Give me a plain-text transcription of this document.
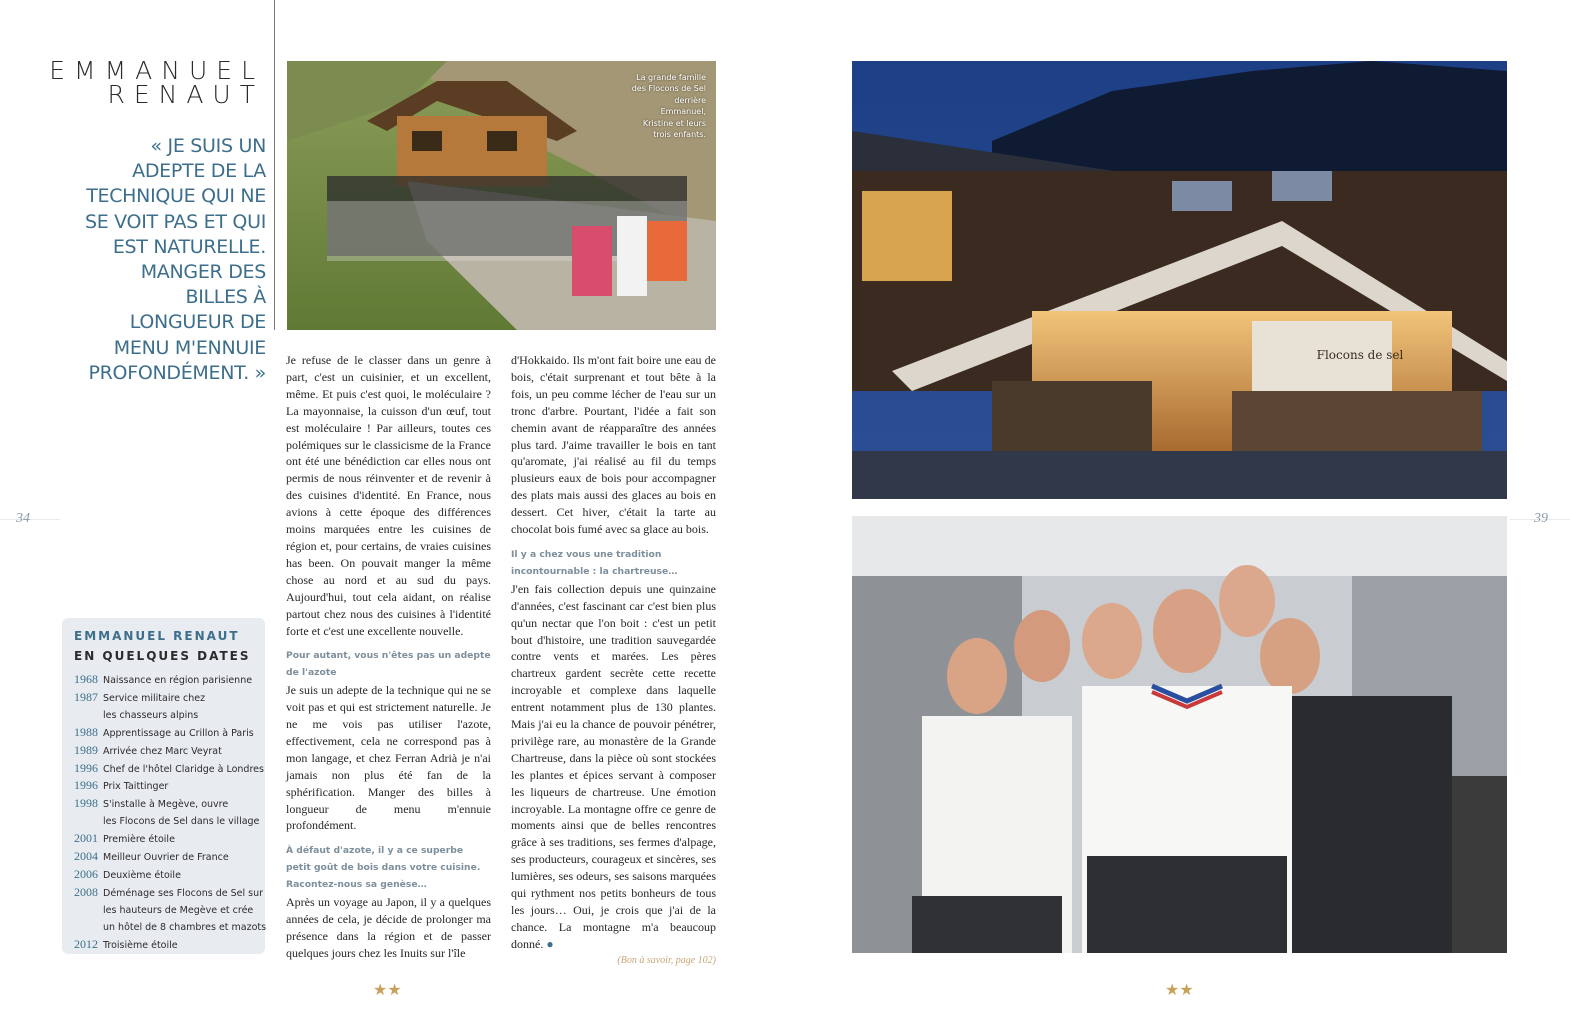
EMMANUEL
RENAUT
« JE SUIS UN ADEPTE DE LA TECHNIQUE QUI NE SE VOIT PAS ET QUI EST NATURELLE. MANGER DES BILLES À LONGUEUR DE MENU M'ENNUIE PROFONDÉMENT. »
La grande famille des Flocons de Sel derrière Emmanuel, Kristine et leurs trois enfants.

Je refuse de le classer dans un genre à part, c'est un cuisinier, et un excellent, même. Et puis c'est quoi, le moléculaire ? La mayonnaise, la cuisson d'un œuf, tout est moléculaire ! Par ailleurs, toutes ces polémiques sur le classicisme de la France ont été une bénédiction car elles nous ont permis de nous réinventer et de revenir à des cuisines d'identité. En France, nous avions à cette époque des différences moins marquées entre les cuisines de région et, pour certains, de vraies cuisines has been. On pouvait manger la même chose au nord et au sud du pays. Aujourd'hui, tout cela aidant, on réalise partout chez nous des cuisines à l'identité forte et c'est une excellente nouvelle.

Pour autant, vous n'êtes pas un adepte de l'azote

Je suis un adepte de la technique qui ne se voit pas et qui est strictement naturelle. Je ne me vois pas utiliser l'azote, effectivement, cela ne correspond pas à mon langage, et chez Ferran Adrià je n'ai jamais non plus été fan de la sphérification. Manger des billes à longueur de menu m'ennuie profondément.

À défaut d'azote, il y a ce superbe petit goût de bois dans votre cuisine. Racontez-nous sa genèse…

Après un voyage au Japon, il y a quelques années de cela, je décide de prolonger ma présence dans la région et de passer quelques jours chez les Inuits sur l'île

d'Hokkaido. Ils m'ont fait boire une eau de bois, c'était surprenant et tout bête à la fois, un peu comme lécher de l'eau sur un tronc d'arbre. Pourtant, l'idée a fait son chemin avant de réapparaître des années plus tard. J'aime travailler le bois en tant qu'aromate, j'ai réalisé au fil du temps plusieurs eaux de bois pour accompagner des plats mais aussi des glaces au bois en dessert. Cet hiver, c'était la tarte au chocolat bois fumé avec sa glace au bois.

Il y a chez vous une tradition incontournable : la chartreuse…

J'en fais collection depuis une quinzaine d'années, c'est fascinant car c'est bien plus qu'un nectar que l'on boit : c'est un petit bout d'histoire, une tradition sauvegardée contre vents et marées. Les pères chartreux gardent secrète cette recette incroyable et complexe dans laquelle entrent notamment plus de 130 plantes. Mais j'ai eu la chance de pouvoir pénétrer, privilège rare, au monastère de la Grande Chartreuse, dans la pièce où sont stockées les plantes et épices servant à composer les liqueurs de chartreuse. Une émotion incroyable. La montagne offre ce genre de moments ainsi que de belles rencontres grâce à ses traditions, ses fermes d'alpage, ses producteurs, courageux et sincères, ses lumières, ses odeurs, ses saisons marquées qui rythment nos petits bonheurs de tous les jours… Oui, je crois que j'ai de la chance. La montagne m'a beaucoup donné. ●

(Bon à savoir, page 102)

34
EMMANUEL RENAUT
EN QUELQUES DATES
1968 Naissance en région parisienne
1987 Service militaire chez
les chasseurs alpins
1988 Apprentissage au Crillon à Paris
1989 Arrivée chez Marc Veyrat
1996 Chef de l'hôtel Claridge à Londres
1996 Prix Taittinger
1998 S'installe à Megève, ouvre
les Flocons de Sel dans le village
2001 Première étoile
2004 Meilleur Ouvrier de France
2006 Deuxième étoile
2008 Déménage ses Flocons de Sel sur
les hauteurs de Megève et crée
un hôtel de 8 chambres et mazots
2012 Troisième étoile
★★
Flocons de sel
39
★★
